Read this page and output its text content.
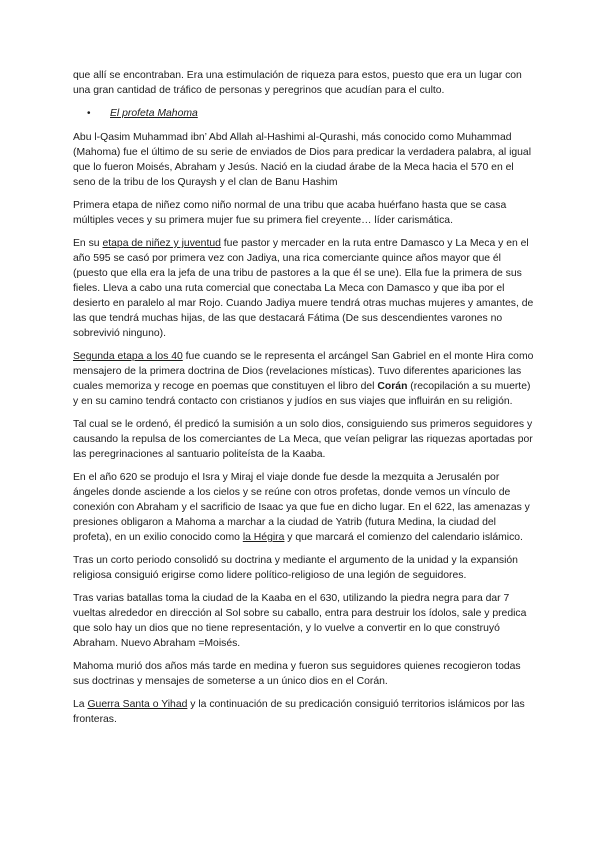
que allí se encontraban. Era una estimulación de riqueza para estos, puesto que era un lugar con una gran cantidad de tráfico de personas y peregrinos que acudían para el culto.

• El profeta Mahoma

Abu l-Qasim Muhammad ibn’ Abd Allah al-Hashimi al-Qurashi, más conocido como Muhammad (Mahoma) fue el último de su serie de enviados de Dios para predicar la verdadera palabra, al igual que lo fueron Moisés, Abraham y Jesús. Nació en la ciudad árabe de la Meca hacia el 570 en el seno de la tribu de los Quraysh y el clan de Banu Hashim

Primera etapa de niñez como niño normal de una tribu que acaba huérfano hasta que se casa múltiples veces y su primera mujer fue su primera fiel creyente… líder carismática.

En su etapa de niñez y juventud fue pastor y mercader en la ruta entre Damasco y La Meca y en el año 595 se casó por primera vez con Jadiya, una rica comerciante quince años mayor que él (puesto que ella era la jefa de una tribu de pastores a la que él se une). Ella fue la primera de sus fieles. Lleva a cabo una ruta comercial que conectaba La Meca con Damasco y que iba por el desierto en paralelo al mar Rojo. Cuando Jadiya muere tendrá otras muchas mujeres y amantes, de las que tendrá muchas hijas, de las que destacará Fátima (De sus descendientes varones no sobrevivió ninguno).

Segunda etapa a los 40 fue cuando se le representa el arcángel San Gabriel en el monte Hira como mensajero de la primera doctrina de Dios (revelaciones místicas). Tuvo diferentes apariciones las cuales memoriza y recoge en poemas que constituyen el libro del Corán (recopilación a su muerte) y en su camino tendrá contacto con cristianos y judíos en sus viajes que influirán en su religión.

Tal cual se le ordenó, él predicó la sumisión a un solo dios, consiguiendo sus primeros seguidores y causando la repulsa de los comerciantes de La Meca, que veían peligrar las riquezas aportadas por las peregrinaciones al santuario politeísta de la Kaaba.

En el año 620 se produjo el Isra y Miraj el viaje donde fue desde la mezquita a Jerusalén por ángeles donde asciende a los cielos y se reúne con otros profetas, donde vemos un vínculo de conexión con Abraham y el sacrificio de Isaac ya que fue en dicho lugar. En el 622, las amenazas y presiones obligaron a Mahoma a marchar a la ciudad de Yatrib (futura Medina, la ciudad del profeta), en un exilio conocido como la Hégira y que marcará el comienzo del calendario islámico.

Tras un corto periodo consolidó su doctrina y mediante el argumento de la unidad y la expansión religiosa consiguió erigirse como lidere político-religioso de una legión de seguidores.

Tras varias batallas toma la ciudad de la Kaaba en el 630, utilizando la piedra negra para dar 7 vueltas alrededor en dirección al Sol sobre su caballo, entra para destruir los ídolos, sale y predica que solo hay un dios que no tiene representación, y lo vuelve a convertir en lo que construyó Abraham. Nuevo Abraham =Moisés.

Mahoma murió dos años más tarde en medina y fueron sus seguidores quienes recogieron todas sus doctrinas y mensajes de someterse a un único dios en el Corán.

La Guerra Santa o Yihad y la continuación de su predicación consiguió territorios islámicos por las fronteras.
